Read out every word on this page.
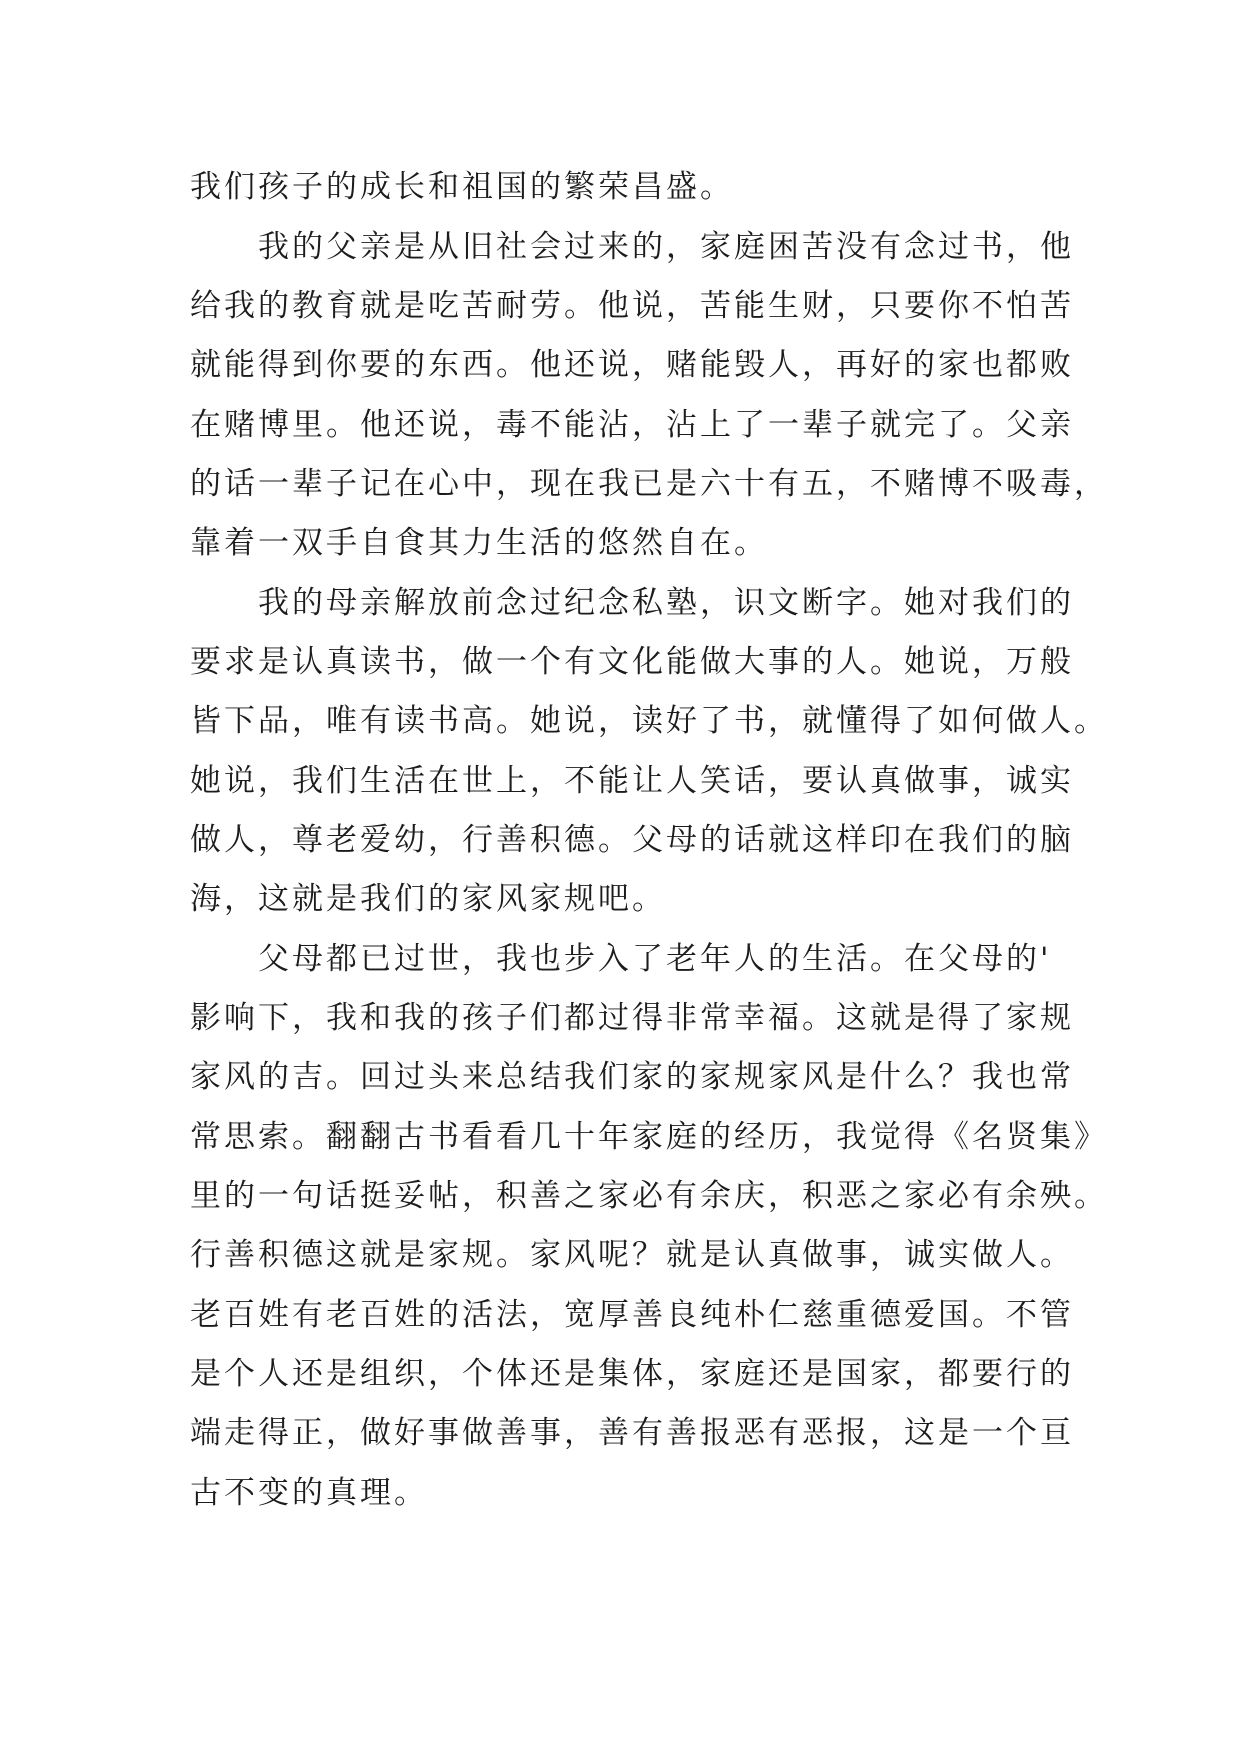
我们孩子的成长和祖国的繁荣昌盛。
我的父亲是从旧社会过来的，家庭困苦没有念过书，他
给我的教育就是吃苦耐劳。他说，苦能生财，只要你不怕苦
就能得到你要的东西。他还说，赌能毁人，再好的家也都败
在赌博里。他还说，毒不能沾，沾上了一辈子就完了。父亲
的话一辈子记在心中，现在我已是六十有五，不赌博不吸毒，
靠着一双手自食其力生活的悠然自在。
我的母亲解放前念过纪念私塾，识文断字。她对我们的
要求是认真读书，做一个有文化能做大事的人。她说，万般
皆下品，唯有读书高。她说，读好了书，就懂得了如何做人。
她说，我们生活在世上，不能让人笑话，要认真做事，诚实
做人，尊老爱幼，行善积德。父母的话就这样印在我们的脑
海，这就是我们的家风家规吧。
父母都已过世，我也步入了老年人的生活。在父母的'
影响下，我和我的孩子们都过得非常幸福。这就是得了家规
家风的吉。回过头来总结我们家的家规家风是什么？我也常
常思索。翻翻古书看看几十年家庭的经历，我觉得《名贤集》
里的一句话挺妥帖，积善之家必有余庆，积恶之家必有余殃。
行善积德这就是家规。家风呢？就是认真做事，诚实做人。
老百姓有老百姓的活法，宽厚善良纯朴仁慈重德爱国。不管
是个人还是组织，个体还是集体，家庭还是国家，都要行的
端走得正，做好事做善事，善有善报恶有恶报，这是一个亘
古不变的真理。
